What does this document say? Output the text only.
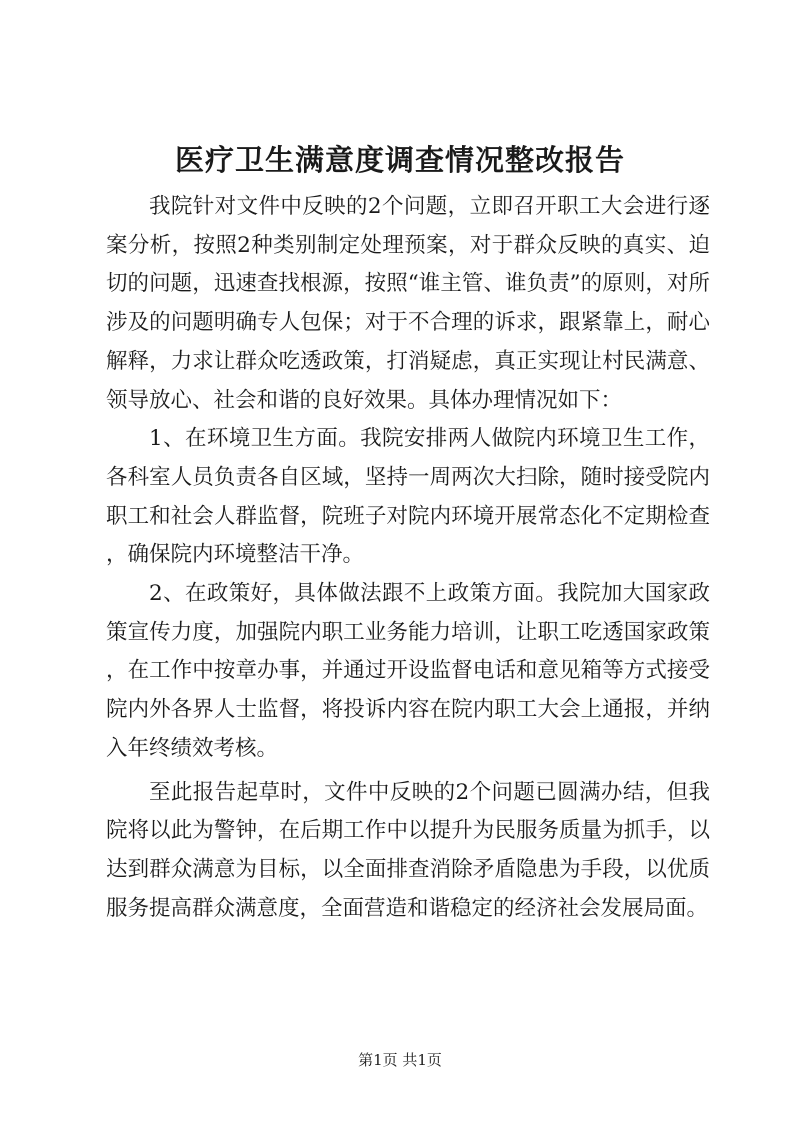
医疗卫生满意度调查情况整改报告

我院针对文件中反映的2个问题，立即召开职工大会进行逐案分析，按照2种类别制定处理预案，对于群众反映的真实、迫切的问题，迅速查找根源，按照“谁主管、谁负责”的原则，对所涉及的问题明确专人包保；对于不合理的诉求，跟紧靠上，耐心解释，力求让群众吃透政策，打消疑虑，真正实现让村民满意、领导放心、社会和谐的良好效果。具体办理情况如下：

1、在环境卫生方面。我院安排两人做院内环境卫生工作，各科室人员负责各自区域，坚持一周两次大扫除，随时接受院内职工和社会人群监督，院班子对院内环境开展常态化不定期检查，确保院内环境整洁干净。

2、在政策好，具体做法跟不上政策方面。我院加大国家政策宣传力度，加强院内职工业务能力培训，让职工吃透国家政策，在工作中按章办事，并通过开设监督电话和意见箱等方式接受院内外各界人士监督，将投诉内容在院内职工大会上通报，并纳入年终绩效考核。

至此报告起草时，文件中反映的2个问题已圆满办结，但我院将以此为警钟，在后期工作中以提升为民服务质量为抓手，以达到群众满意为目标，以全面排查消除矛盾隐患为手段，以优质服务提高群众满意度，全面营造和谐稳定的经济社会发展局面。

第1页 共1页
